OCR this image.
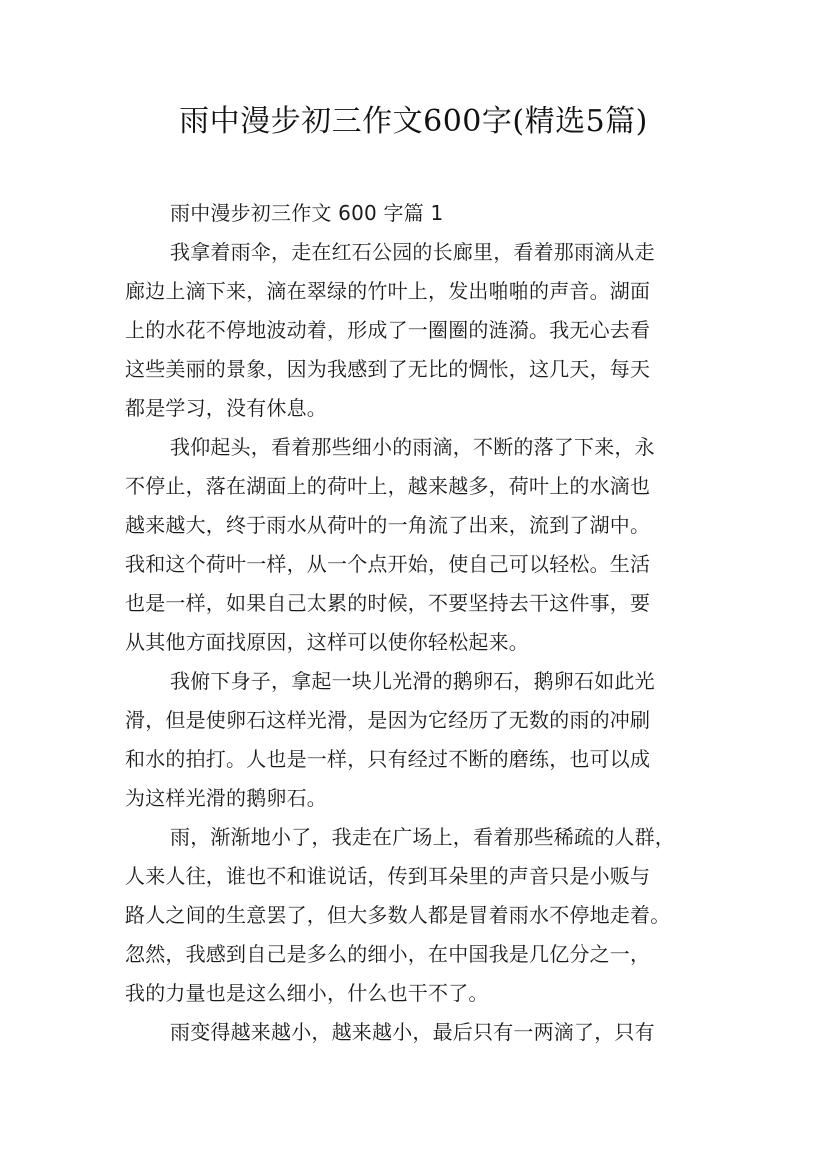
雨中漫步初三作文600字(精选5篇)

雨中漫步初三作文 600 字篇 1

我拿着雨伞，走在红石公园的长廊里，看着那雨滴从走
廊边上滴下来，滴在翠绿的竹叶上，发出啪啪的声音。湖面
上的水花不停地波动着，形成了一圈圈的涟漪。我无心去看
这些美丽的景象，因为我感到了无比的惆怅，这几天，每天
都是学习，没有休息。

我仰起头，看着那些细小的雨滴，不断的落了下来，永
不停止，落在湖面上的荷叶上，越来越多，荷叶上的水滴也
越来越大，终于雨水从荷叶的一角流了出来，流到了湖中。
我和这个荷叶一样，从一个点开始，使自己可以轻松。生活
也是一样，如果自己太累的时候，不要坚持去干这件事，要
从其他方面找原因，这样可以使你轻松起来。

我俯下身子，拿起一块儿光滑的鹅卵石，鹅卵石如此光
滑，但是使卵石这样光滑，是因为它经历了无数的雨的冲刷
和水的拍打。人也是一样，只有经过不断的磨练，也可以成
为这样光滑的鹅卵石。

雨，渐渐地小了，我走在广场上，看着那些稀疏的人群，
人来人往，谁也不和谁说话，传到耳朵里的声音只是小贩与
路人之间的生意罢了，但大多数人都是冒着雨水不停地走着。
忽然，我感到自己是多么的细小，在中国我是几亿分之一，
我的力量也是这么细小，什么也干不了。

雨变得越来越小，越来越小，最后只有一两滴了，只有
